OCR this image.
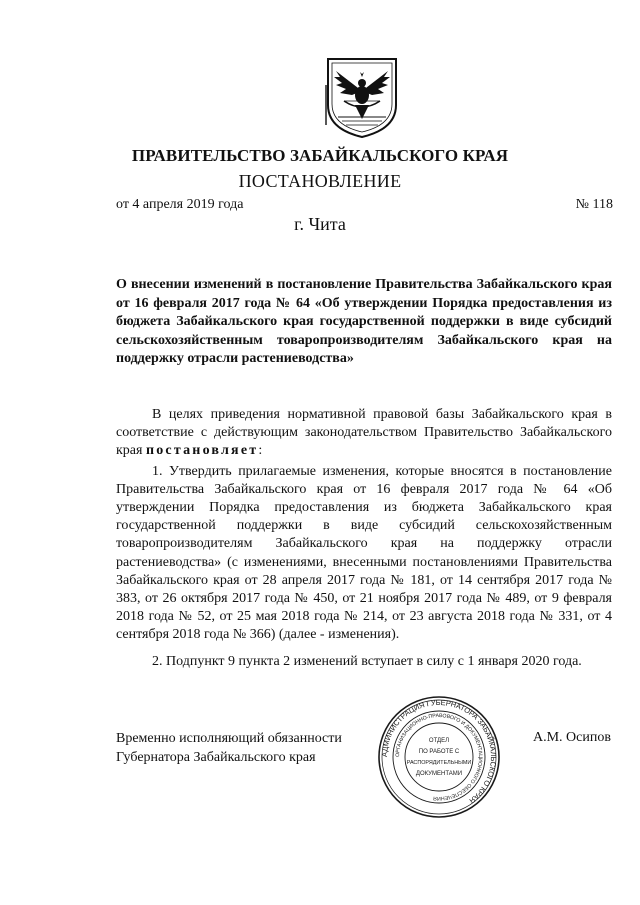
ПРАВИТЕЛЬСТВО ЗАБАЙКАЛЬСКОГО КРАЯ
ПОСТАНОВЛЕНИЕ
от 4 апреля 2019 года	№ 118
г. Чита

О внесении изменений в постановление Правительства Забайкальского края от 16 февраля 2017 года № 64 «Об утверждении Порядка предоставления из бюджета Забайкальского края государственной поддержки в виде субсидий сельскохозяйственным товаропроизводителям Забайкальского края на поддержку отрасли растениеводства»

В целях приведения нормативной правовой базы Забайкальского края в соответствие с действующим законодательством Правительство Забайкальского края постановляет:

1. Утвердить прилагаемые изменения, которые вносятся в постановление Правительства Забайкальского края от 16 февраля 2017 года № 64 «Об утверждении Порядка предоставления из бюджета Забайкальского края государственной поддержки в виде субсидий сельскохозяйственным товаропроизводителям Забайкальского края на поддержку отрасли растениеводства» (с изменениями, внесенными постановлениями Правительства Забайкальского края от 28 апреля 2017 года № 181, от 14 сентября 2017 года № 383, от 26 октября 2017 года № 450, от 21 ноября 2017 года № 489, от 9 февраля 2018 года № 52, от 25 мая 2018 года № 214, от 23 августа 2018 года № 331, от 4 сентября 2018 года № 366) (далее - изменения).

2. Подпункт 9 пункта 2 изменений вступает в силу с 1 января 2020 года.

Временно исполняющий обязанности
Губернатора Забайкальского края
А.М. Осипов
АДМИНИСТРАЦИЯ ГУБЕРНАТОРА ЗАБАЙКАЛЬСКОГО КРАЯ
ОРГАНИЗАЦИОННО-ПРАВОВОГО И ДОКУМЕНТАЦИОННОГО ОБЕСПЕЧЕНИЯ
ОТДЕЛ
ПО РАБОТЕ С
РАСПОРЯДИТЕЛЬНЫМИ
ДОКУМЕНТАМИ
